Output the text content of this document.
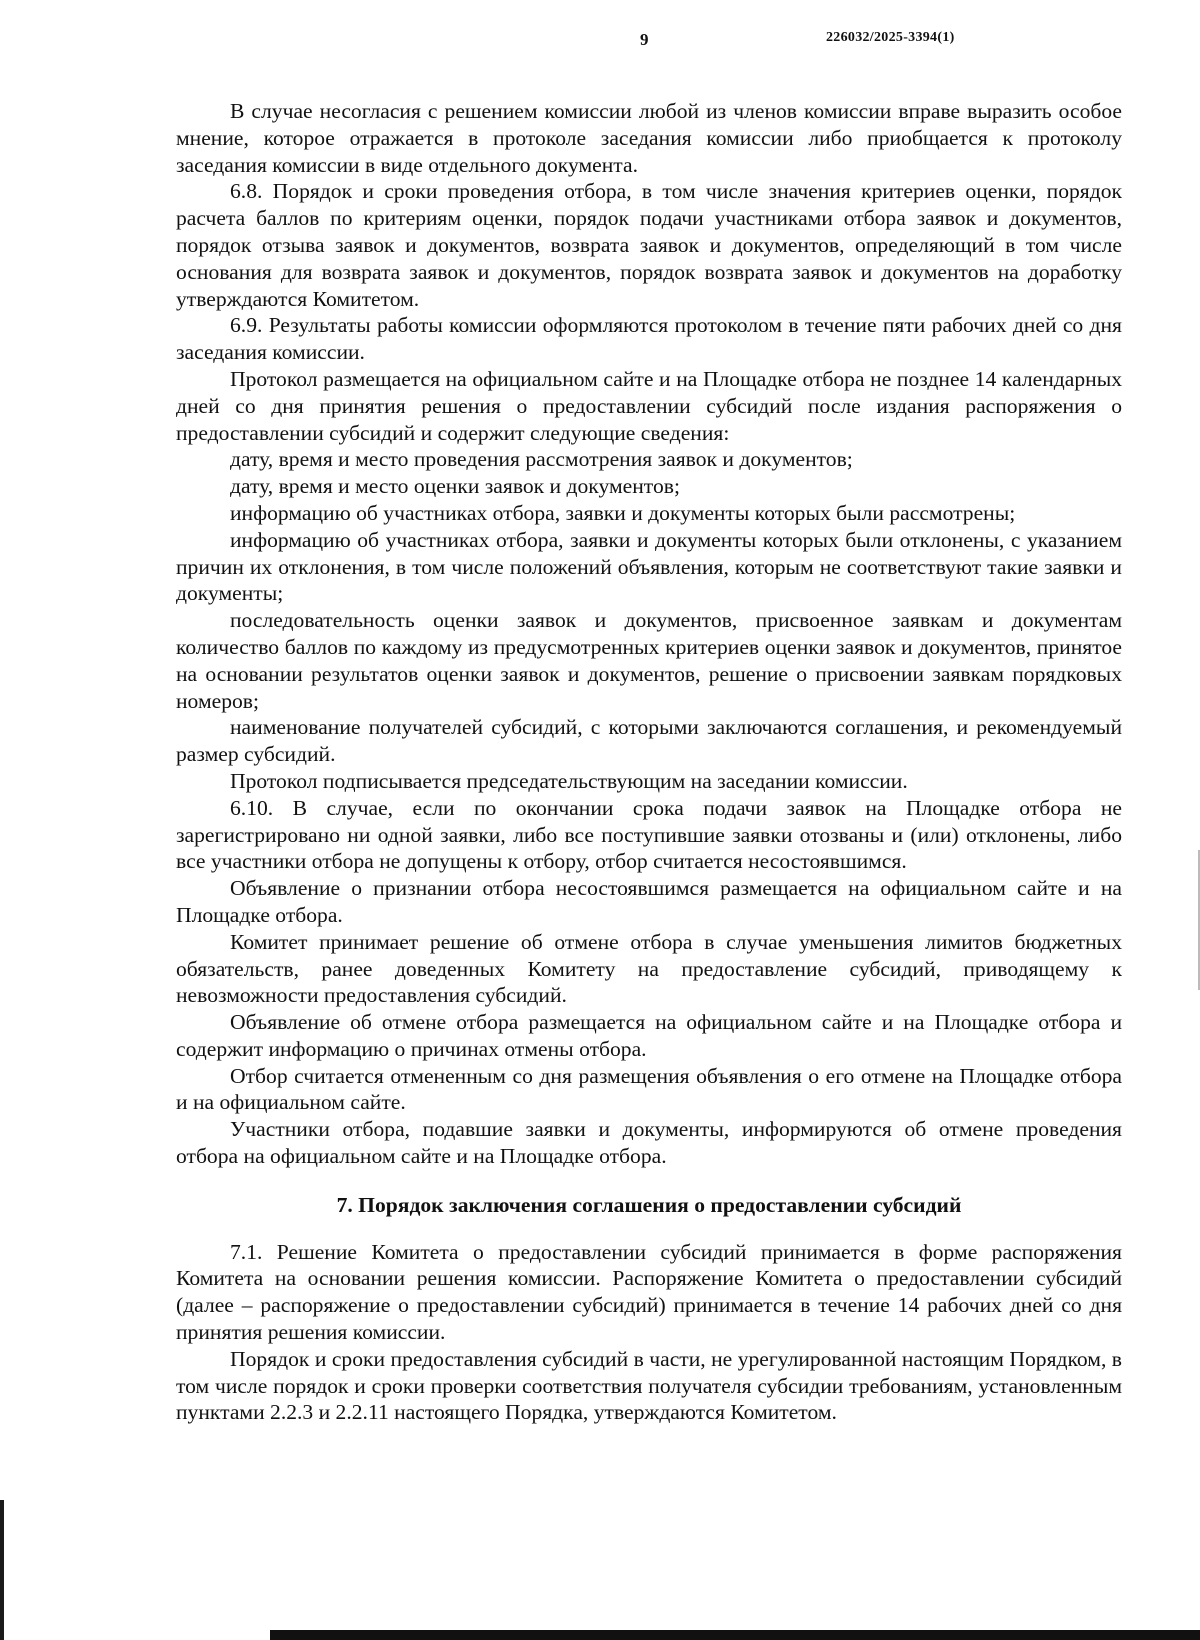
9	226032/2025-3394(1)

В случае несогласия с решением комиссии любой из членов комиссии вправе выразить особое мнение, которое отражается в протоколе заседания комиссии либо приобщается к протоколу заседания комиссии в виде отдельного документа.

6.8. Порядок и сроки проведения отбора, в том числе значения критериев оценки, порядок расчета баллов по критериям оценки, порядок подачи участниками отбора заявок и документов, порядок отзыва заявок и документов, возврата заявок и документов, определяющий в том числе основания для возврата заявок и документов, порядок возврата заявок и документов на доработку утверждаются Комитетом.

6.9. Результаты работы комиссии оформляются протоколом в течение пяти рабочих дней со дня заседания комиссии.

Протокол размещается на официальном сайте и на Площадке отбора не позднее 14 календарных дней со дня принятия решения о предоставлении субсидий после издания распоряжения о предоставлении субсидий и содержит следующие сведения:

дату, время и место проведения рассмотрения заявок и документов;

дату, время и место оценки заявок и документов;

информацию об участниках отбора, заявки и документы которых были рассмотрены;

информацию об участниках отбора, заявки и документы которых были отклонены, с указанием причин их отклонения, в том числе положений объявления, которым не соответствуют такие заявки и документы;

последовательность оценки заявок и документов, присвоенное заявкам и документам количество баллов по каждому из предусмотренных критериев оценки заявок и документов, принятое на основании результатов оценки заявок и документов, решение о присвоении заявкам порядковых номеров;

наименование получателей субсидий, с которыми заключаются соглашения, и рекомендуемый размер субсидий.

Протокол подписывается председательствующим на заседании комиссии.

6.10. В случае, если по окончании срока подачи заявок на Площадке отбора не зарегистрировано ни одной заявки, либо все поступившие заявки отозваны и (или) отклонены, либо все участники отбора не допущены к отбору, отбор считается несостоявшимся.

Объявление о признании отбора несостоявшимся размещается на официальном сайте и на Площадке отбора.

Комитет принимает решение об отмене отбора в случае уменьшения лимитов бюджетных обязательств, ранее доведенных Комитету на предоставление субсидий, приводящему к невозможности предоставления субсидий.

Объявление об отмене отбора размещается на официальном сайте и на Площадке отбора и содержит информацию о причинах отмены отбора.

Отбор считается отмененным со дня размещения объявления о его отмене на Площадке отбора и на официальном сайте.

Участники отбора, подавшие заявки и документы, информируются об отмене проведения отбора на официальном сайте и на Площадке отбора.

7. Порядок заключения соглашения о предоставлении субсидий

7.1. Решение Комитета о предоставлении субсидий принимается в форме распоряжения Комитета на основании решения комиссии. Распоряжение Комитета о предоставлении субсидий (далее – распоряжение о предоставлении субсидий) принимается в течение 14 рабочих дней со дня принятия решения комиссии.

Порядок и сроки предоставления субсидий в части, не урегулированной настоящим Порядком, в том числе порядок и сроки проверки соответствия получателя субсидии требованиям, установленным пунктами 2.2.3 и 2.2.11 настоящего Порядка, утверждаются Комитетом.
